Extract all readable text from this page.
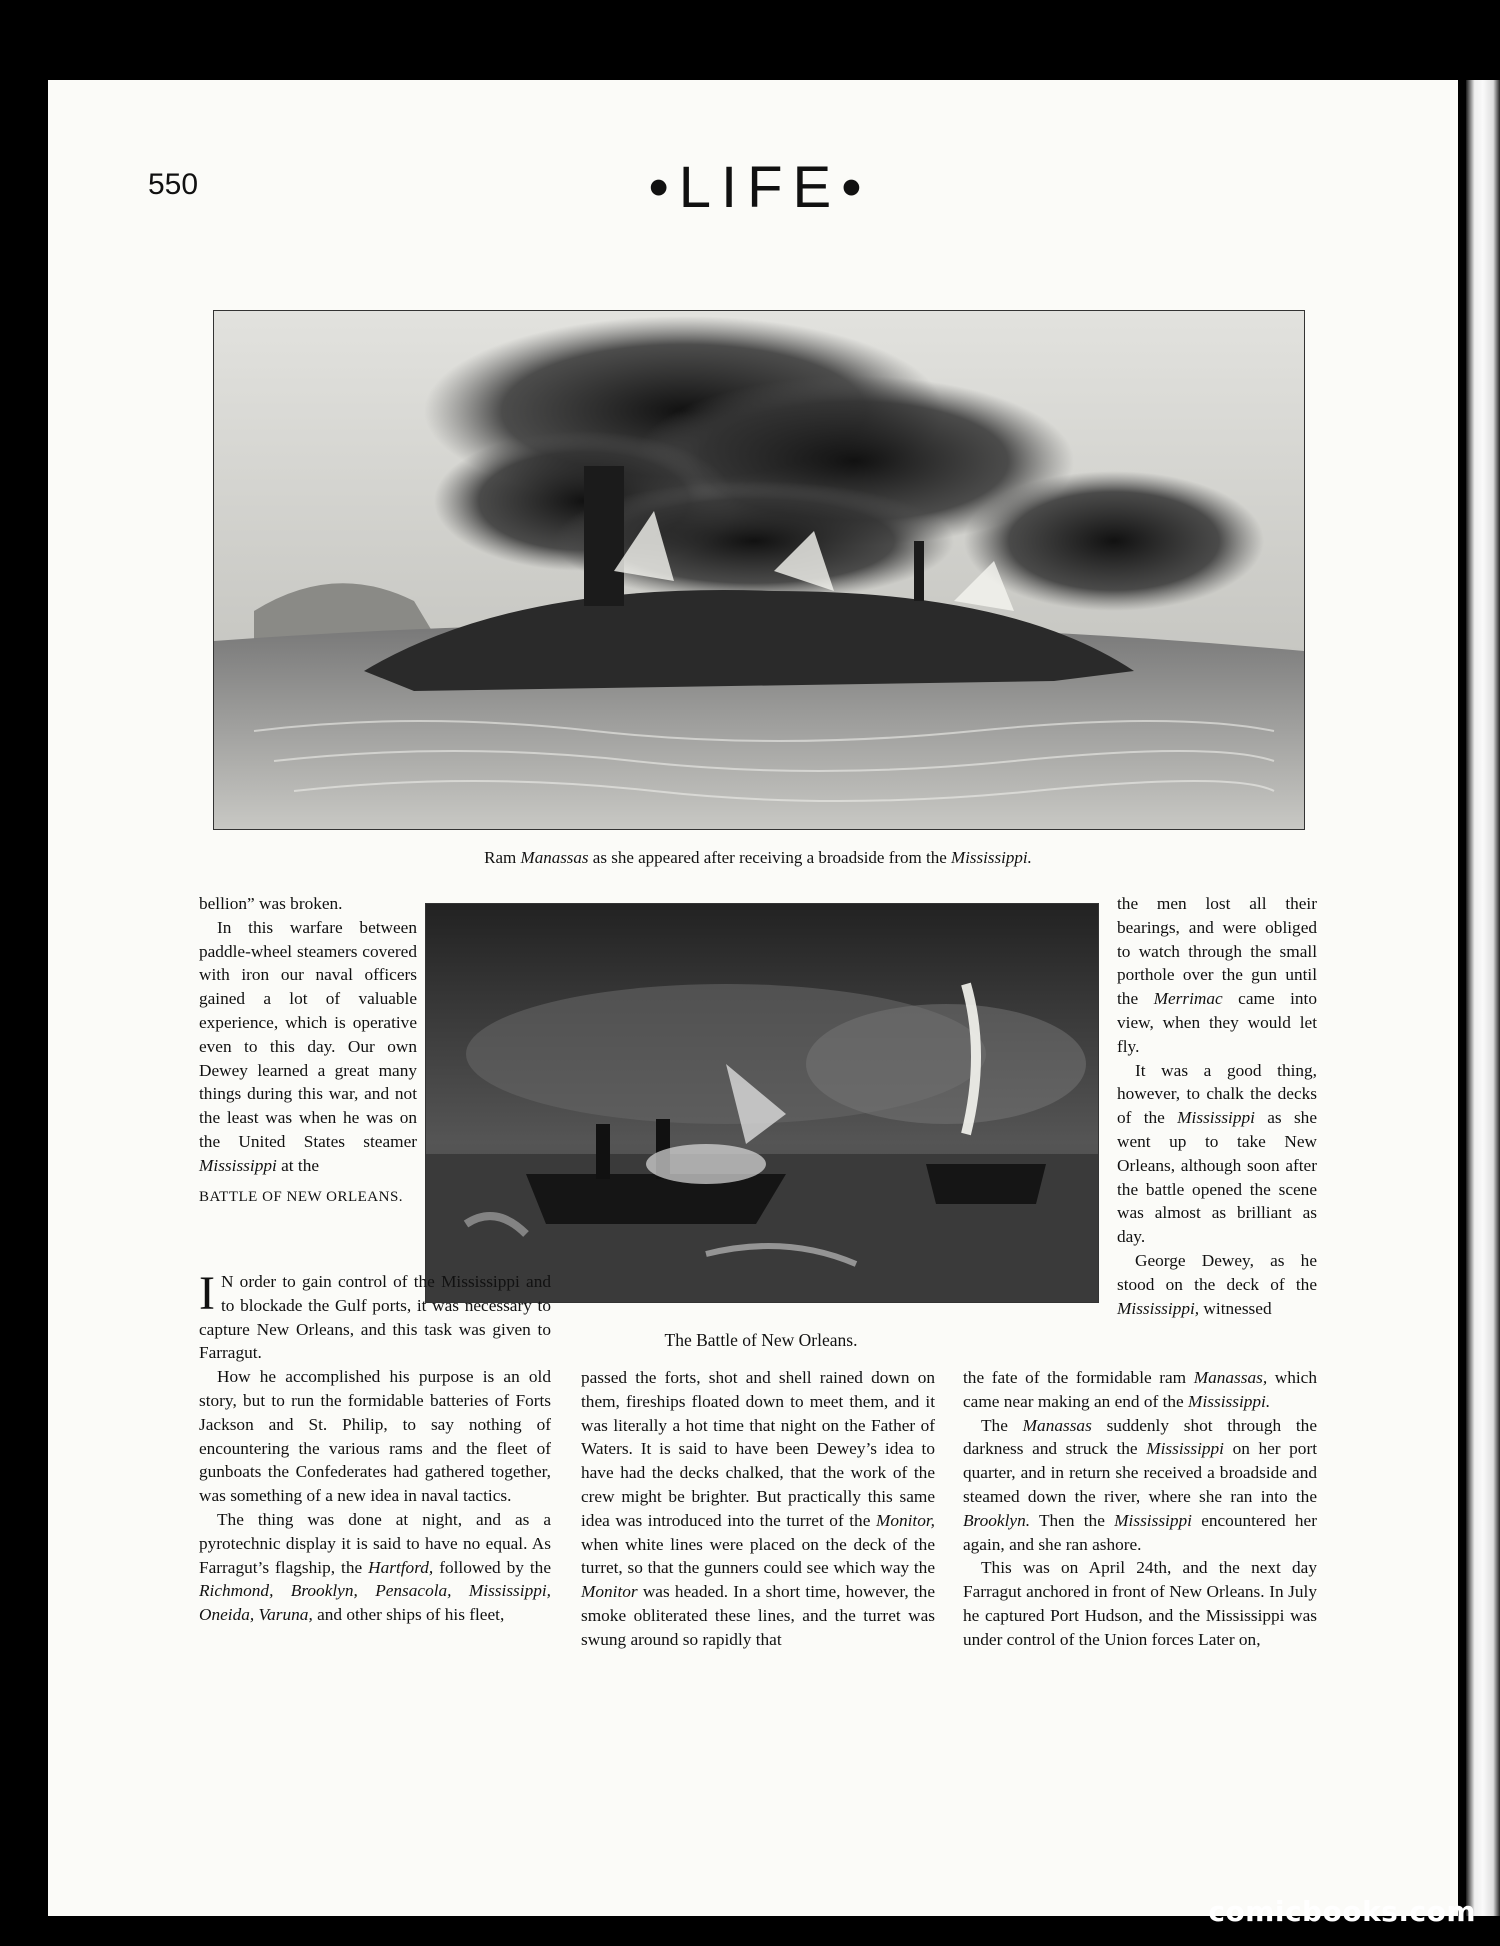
550	•LIFE•
Ram Manassas as she appeared after receiving a broadside from the Mississippi.
The Battle of New Orleans.

bellion” was broken.

In this warfare between paddle-wheel steamers covered with iron our naval officers gained a lot of valuable experience, which is operative even to this day. Our own Dewey learned a great many things during this war, and not the least was when he was on the United States steamer Mississippi at the

BATTLE OF NEW ORLEANS.

I N order to gain control of the Mississippi and to blockade the Gulf ports, it was necessary to capture New Orleans, and this task was given to Farragut.

How he accomplished his purpose is an old story, but to run the formidable batteries of Forts Jackson and St. Philip, to say nothing of encountering the various rams and the fleet of gunboats the Confederates had gathered together, was something of a new idea in naval tactics.

The thing was done at night, and as a pyrotechnic display it is said to have no equal. As Farragut’s flagship, the Hartford, followed by the Richmond, Brooklyn, Pensacola, Mississippi, Oneida, Varuna, and other ships of his fleet,

passed the forts, shot and shell rained down on them, fireships floated down to meet them, and it was literally a hot time that night on the Father of Waters. It is said to have been Dewey’s idea to have had the decks chalked, that the work of the crew might be brighter. But practically this same idea was introduced into the turret of the Monitor, when white lines were placed on the deck of the turret, so that the gunners could see which way the Monitor was headed. In a short time, however, the smoke obliterated these lines, and the turret was swung around so rapidly that

the men lost all their bearings, and were obliged to watch through the small porthole over the gun until the Merrimac came into view, when they would let fly.

It was a good thing, however, to chalk the decks of the Mississippi as she went up to take New Orleans, although soon after the battle opened the scene was almost as brilliant as day.

George Dewey, as he stood on the deck of the Mississippi, witnessed

the fate of the formidable ram Manassas, which came near making an end of the Mississippi.

The Manassas suddenly shot through the darkness and struck the Mississippi on her port quarter, and in return she received a broadside and steamed down the river, where she ran into the Brooklyn. Then the Mississippi encountered her again, and she ran ashore.

This was on April 24th, and the next day Farragut anchored in front of New Orleans. In July he captured Port Hudson, and the Mississippi was under control of the Union forces Later on,

comicbooks.com
